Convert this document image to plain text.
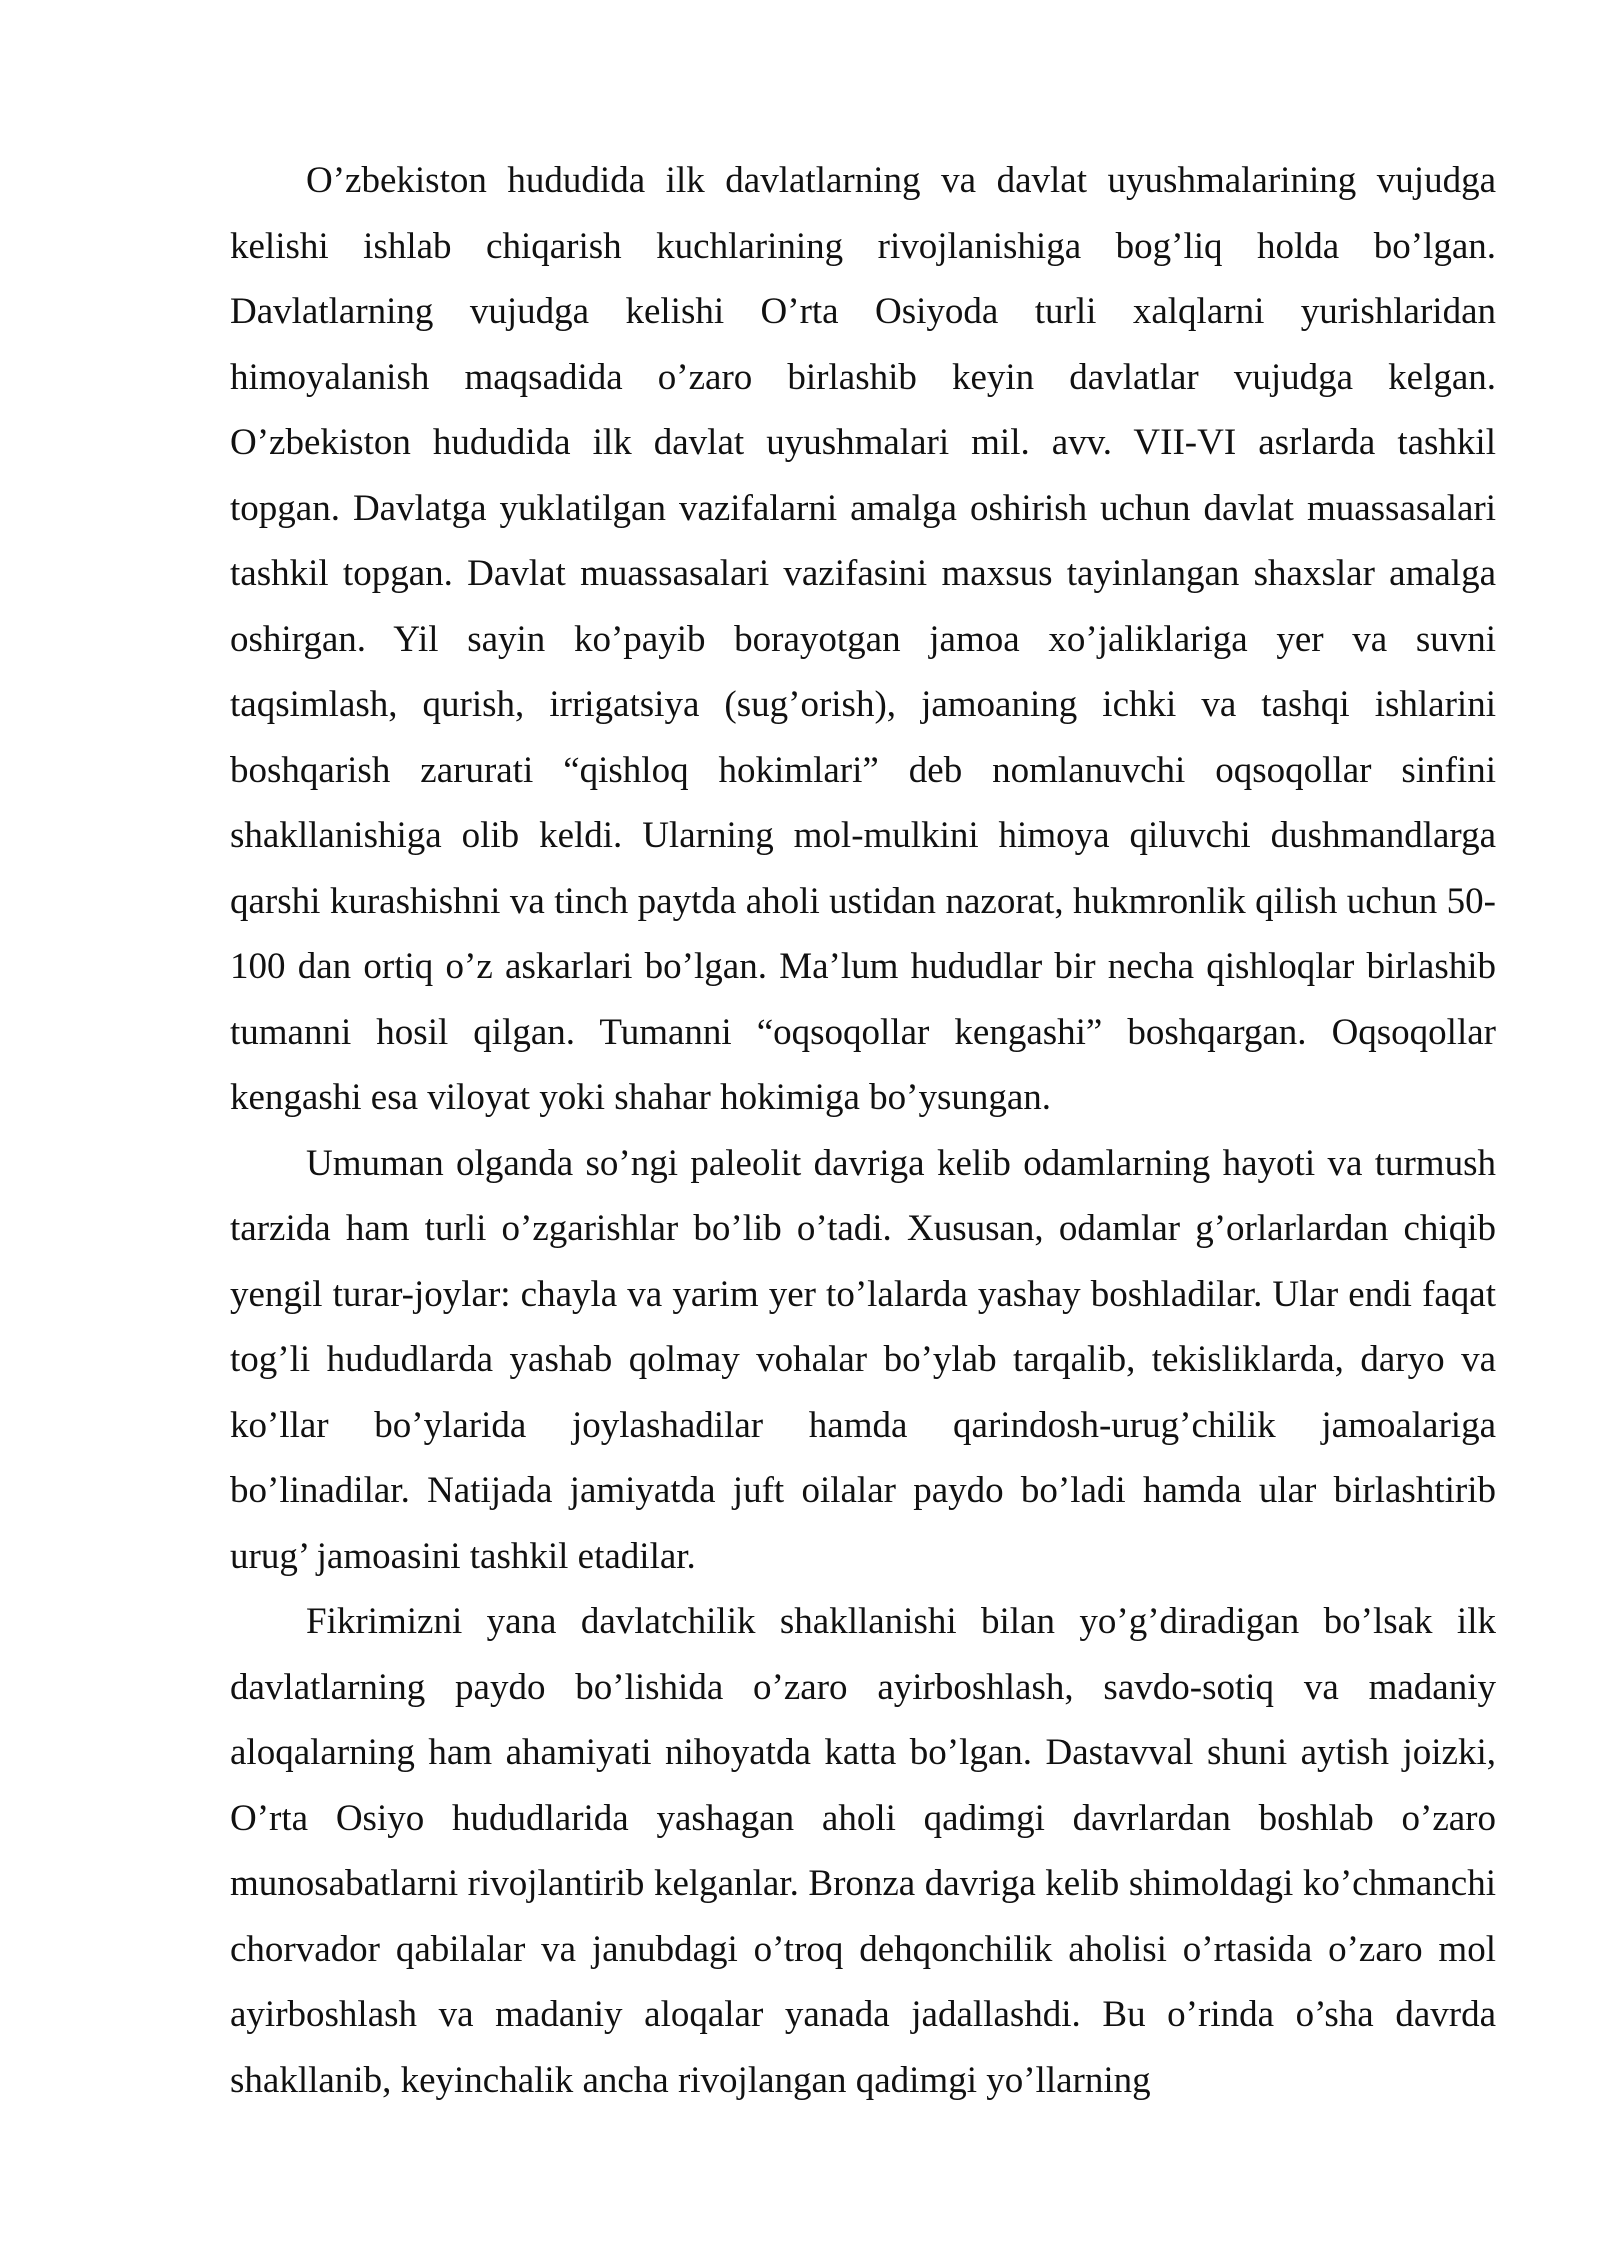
O’zbekiston hududida ilk davlatlarning va davlat uyushmalarining vujudga kelishi ishlab chiqarish kuchlarining rivojlanishiga bog’liq holda bo’lgan. Davlatlarning vujudga kelishi O’rta Osiyoda turli xalqlarni yurishlaridan himoyalanish maqsadida o’zaro birlashib keyin davlatlar vujudga kelgan. O’zbekiston hududida ilk davlat uyushmalari mil. avv. VII-VI asrlarda tashkil topgan. Davlatga yuklatilgan vazifalarni amalga oshirish uchun davlat muassasalari tashkil topgan. Davlat muassasalari vazifasini maxsus tayinlangan shaxslar amalga oshirgan. Yil sayin ko’payib borayotgan jamoa xo’jaliklariga yer va suvni taqsimlash, qurish, irrigatsiya (sug’orish), jamoaning ichki va tashqi ishlarini boshqarish zarurati “qishloq hokimlari” deb nomlanuvchi oqsoqollar sinfini shakllanishiga olib keldi. Ularning mol-mulkini himoya qiluvchi dushmandlarga qarshi kurashishni va tinch paytda aholi ustidan nazorat, hukmronlik qilish uchun 50-100 dan ortiq o’z askarlari bo’lgan. Ma’lum hududlar bir necha qishloqlar birlashib tumanni hosil qilgan. Tumanni “oqsoqollar kengashi” boshqargan. Oqsoqollar kengashi esa viloyat yoki shahar hokimiga bo’ysungan.

Umuman olganda so’ngi paleolit davriga kelib odamlarning hayoti va turmush tarzida ham turli o’zgarishlar bo’lib o’tadi. Xususan, odamlar g’orlarlardan chiqib yengil turar-joylar: chayla va yarim yer to’lalarda yashay boshladilar. Ular endi faqat tog’li hududlarda yashab qolmay vohalar bo’ylab tarqalib, tekisliklarda, daryo va ko’llar bo’ylarida joylashadilar hamda qarindosh-urug’chilik jamoalariga bo’linadilar. Natijada jamiyatda juft oilalar paydo bo’ladi hamda ular birlashtirib urug’ jamoasini tashkil etadilar.

Fikrimizni yana davlatchilik shakllanishi bilan yo’g’diradigan bo’lsak ilk davlatlarning paydo bo’lishida o’zaro ayirboshlash, savdo-sotiq va madaniy aloqalarning ham ahamiyati nihoyatda katta bo’lgan. Dastavval shuni aytish joizki, O’rta Osiyo hududlarida yashagan aholi qadimgi davrlardan boshlab o’zaro munosabatlarni rivojlantirib kelganlar. Bronza davriga kelib shimoldagi ko’chmanchi chorvador qabilalar va janubdagi o’troq dehqonchilik aholisi o’rtasida o’zaro mol ayirboshlash va madaniy aloqalar yanada jadallashdi. Bu o’rinda o’sha davrda shakllanib, keyinchalik ancha rivojlangan qadimgi yo’llarning
